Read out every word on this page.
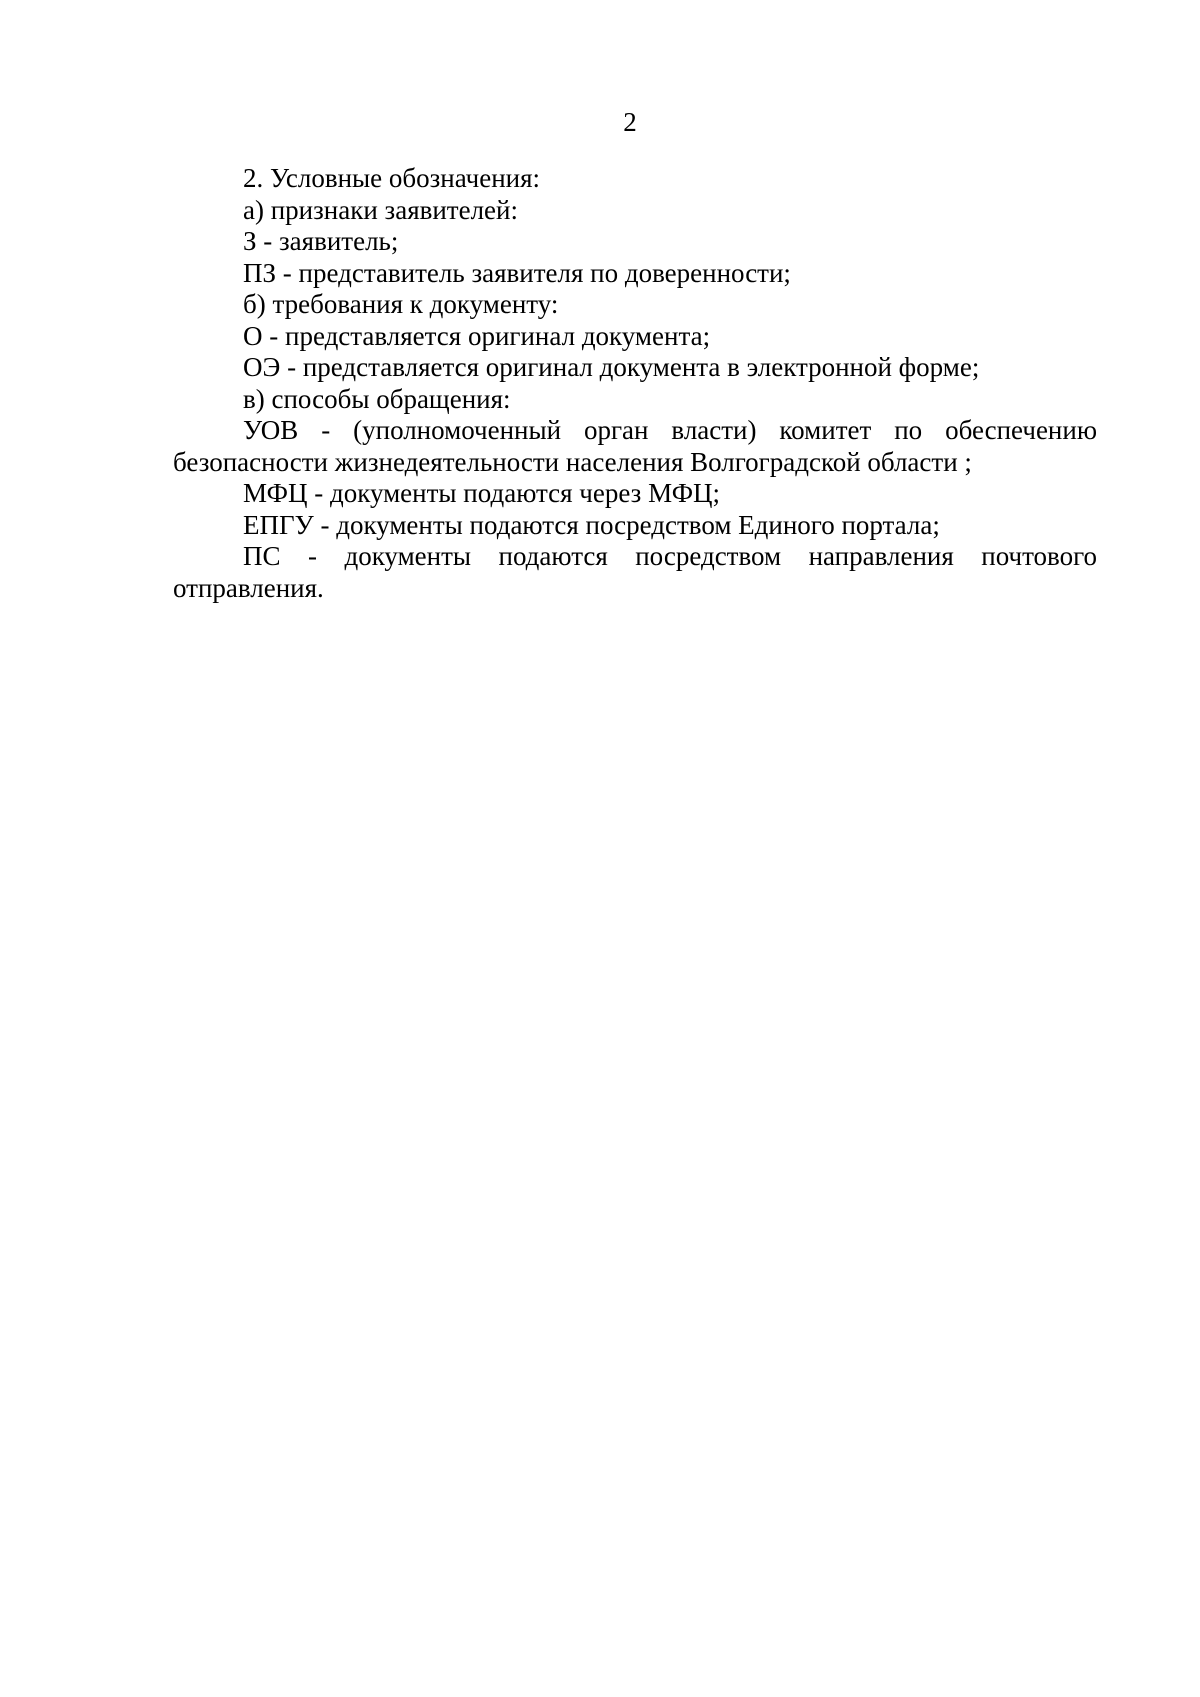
2

2. Условные обозначения:

а) признаки заявителей:

З - заявитель;

ПЗ - представитель заявителя по доверенности;

б) требования к документу:

О - представляется оригинал документа;

ОЭ - представляется оригинал документа в электронной форме;

в) способы обращения:

УОВ - (уполномоченный орган власти) комитет по обеспечению безопасности жизнедеятельности населения Волгоградской области ;

МФЦ - документы подаются через МФЦ;

ЕПГУ - документы подаются посредством Единого портала;

ПС - документы подаются посредством направления почтового отправления.
